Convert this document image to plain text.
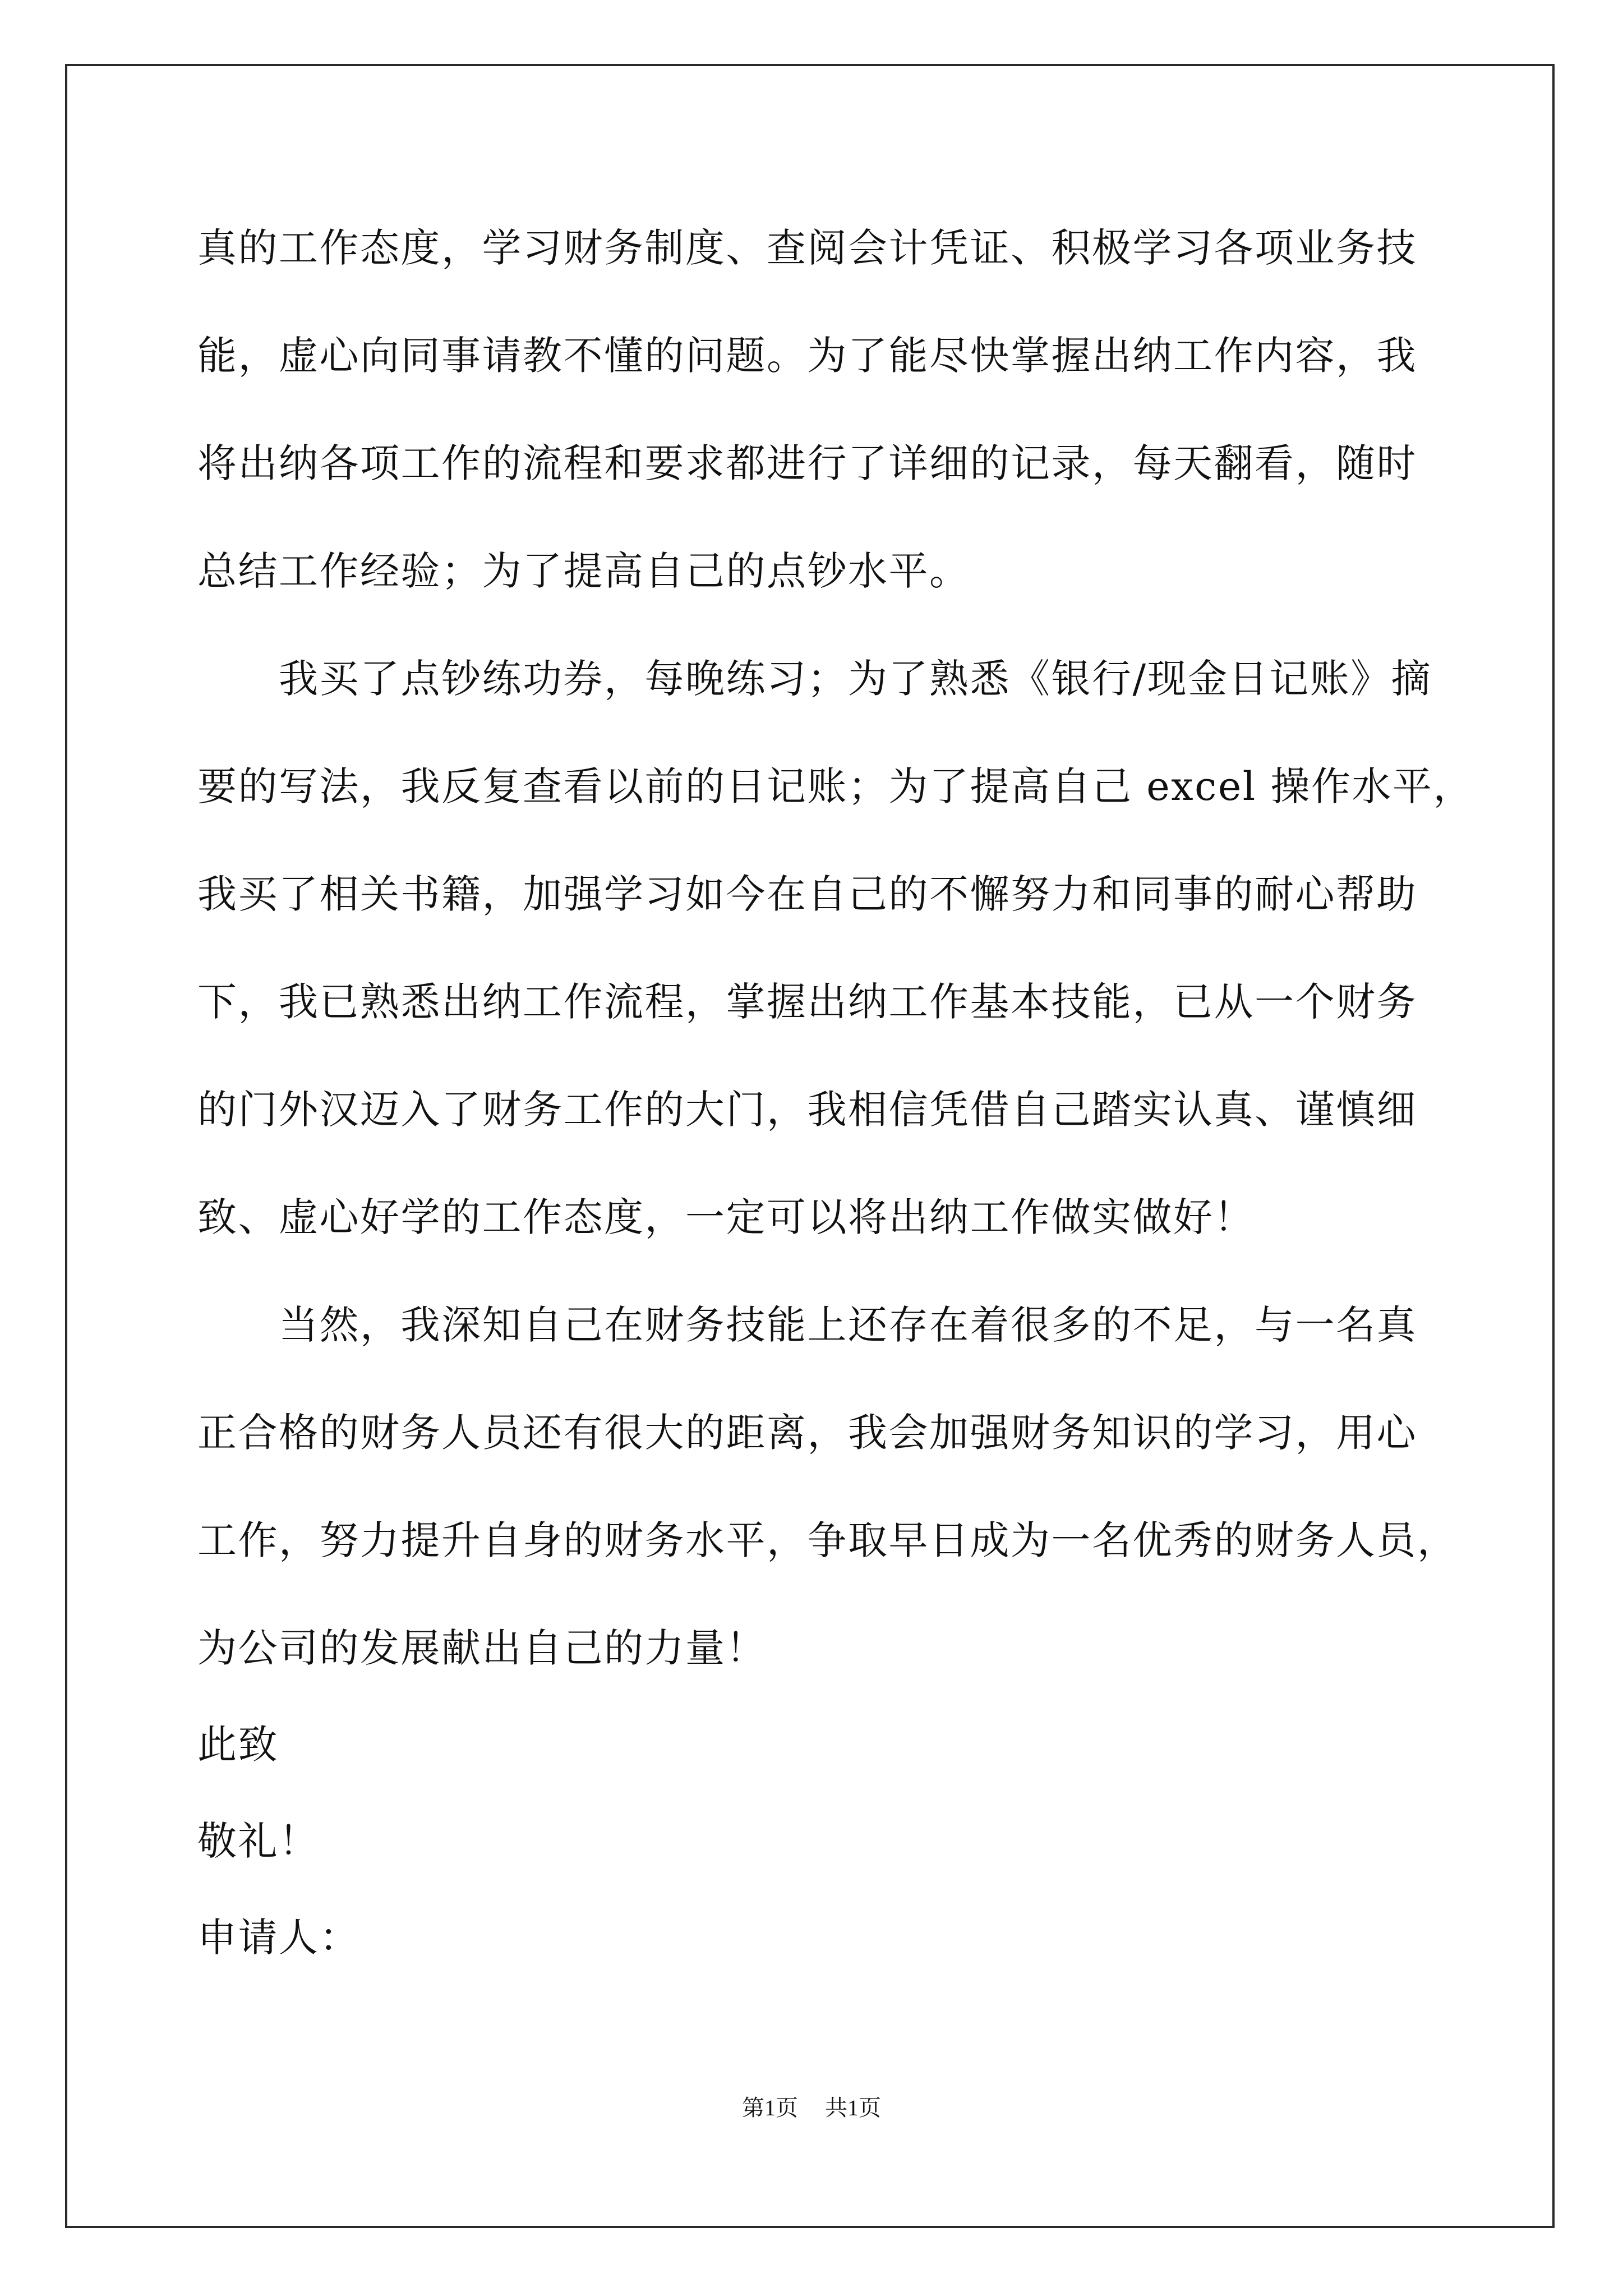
真的工作态度，学习财务制度、查阅会计凭证、积极学习各项业务技
能，虚心向同事请教不懂的问题。为了能尽快掌握出纳工作内容，我
将出纳各项工作的流程和要求都进行了详细的记录，每天翻看，随时
总结工作经验；为了提高自己的点钞水平。
　　我买了点钞练功券，每晚练习；为了熟悉《银行/现金日记账》摘
要的写法，我反复查看以前的日记账；为了提高自己 excel 操作水平，
我买了相关书籍，加强学习如今在自己的不懈努力和同事的耐心帮助
下，我已熟悉出纳工作流程，掌握出纳工作基本技能，已从一个财务
的门外汉迈入了财务工作的大门，我相信凭借自己踏实认真、谨慎细
致、虚心好学的工作态度，一定可以将出纳工作做实做好！
　　当然，我深知自己在财务技能上还存在着很多的不足，与一名真
正合格的财务人员还有很大的距离，我会加强财务知识的学习，用心
工作，努力提升自身的财务水平，争取早日成为一名优秀的财务人员，
为公司的发展献出自己的力量！
此致
敬礼！
申请人：
第1页 共1页
